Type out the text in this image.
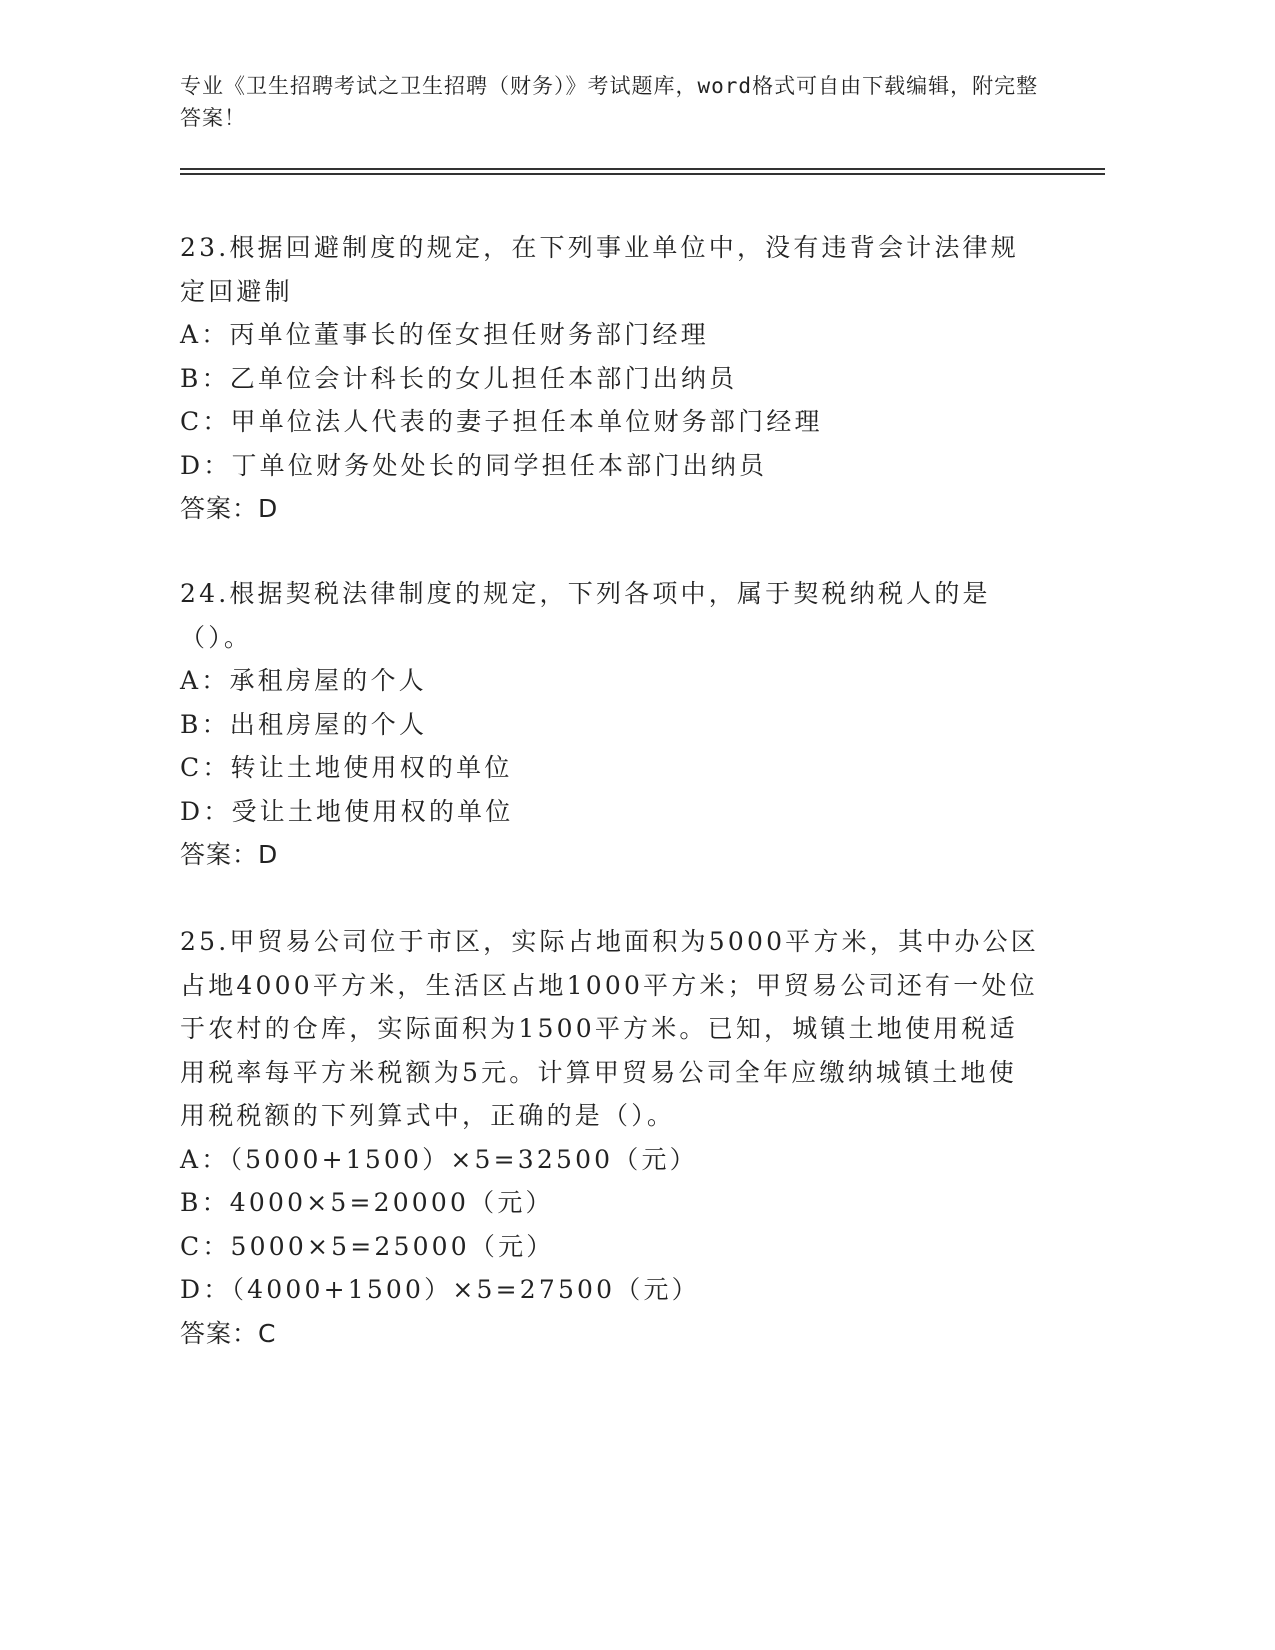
专业《卫生招聘考试之卫生招聘（财务）》考试题库，word格式可自由下载编辑，附完整答案！

23.根据回避制度的规定，在下列事业单位中，没有违背会计法律规定回避制

A：丙单位董事长的侄女担任财务部门经理

B：乙单位会计科长的女儿担任本部门出纳员

C：甲单位法人代表的妻子担任本单位财务部门经理

D：丁单位财务处处长的同学担任本部门出纳员

答案：D

24.根据契税法律制度的规定，下列各项中，属于契税纳税人的是（）。

A：承租房屋的个人

B：出租房屋的个人

C：转让土地使用权的单位

D：受让土地使用权的单位

答案：D

25.甲贸易公司位于市区，实际占地面积为5000平方米，其中办公区占地4000平方米，生活区占地1000平方米；甲贸易公司还有一处位于农村的仓库，实际面积为1500平方米。已知，城镇土地使用税适用税率每平方米税额为5元。计算甲贸易公司全年应缴纳城镇土地使用税税额的下列算式中，正确的是（）。

A：（5000+1500）×5=32500（元）

B：4000×5=20000（元）

C：5000×5=25000（元）

D：（4000+1500）×5=27500（元）

答案：C
